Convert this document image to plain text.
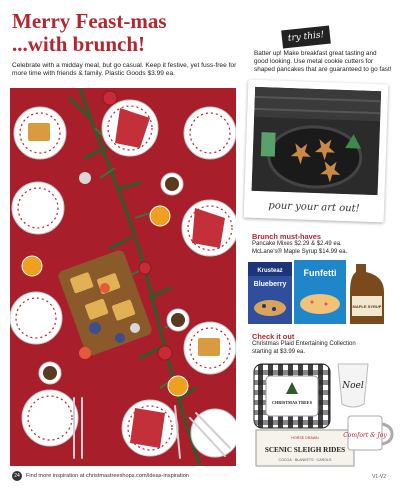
Merry Feast-mas
...with brunch!
Celebrate with a midday meal, but go casual. Keep it festive, yet fuss-free for more time with friends & family. Plastic Goods $3.99 ea.
24	Find more inspiration at christmastreeshops.com/ideas-inspiration	V1-V2
try this!
Batter up! Make breakfast great tasting and good looking. Use metal cookie cutters for shaped pancakes that are guaranteed to go fast!
pour your art out!
Brunch must-haves
Pancake Mixes $2.29 & $2.49 ea.
McLane's® Maple Syrup $14.99 ea.
Krusteaz
Blueberry
Funfetti
MAPLE SYRUP
Check it out
Christmas Plaid Entertaining Collection
starting at $3.99 ea.
CHRISTMAS TREES
Noel
HORSE DRAWN
SCENIC SLEIGH RIDES
COCOA · BLANKETS · CAROLS
Comfort & Joy
